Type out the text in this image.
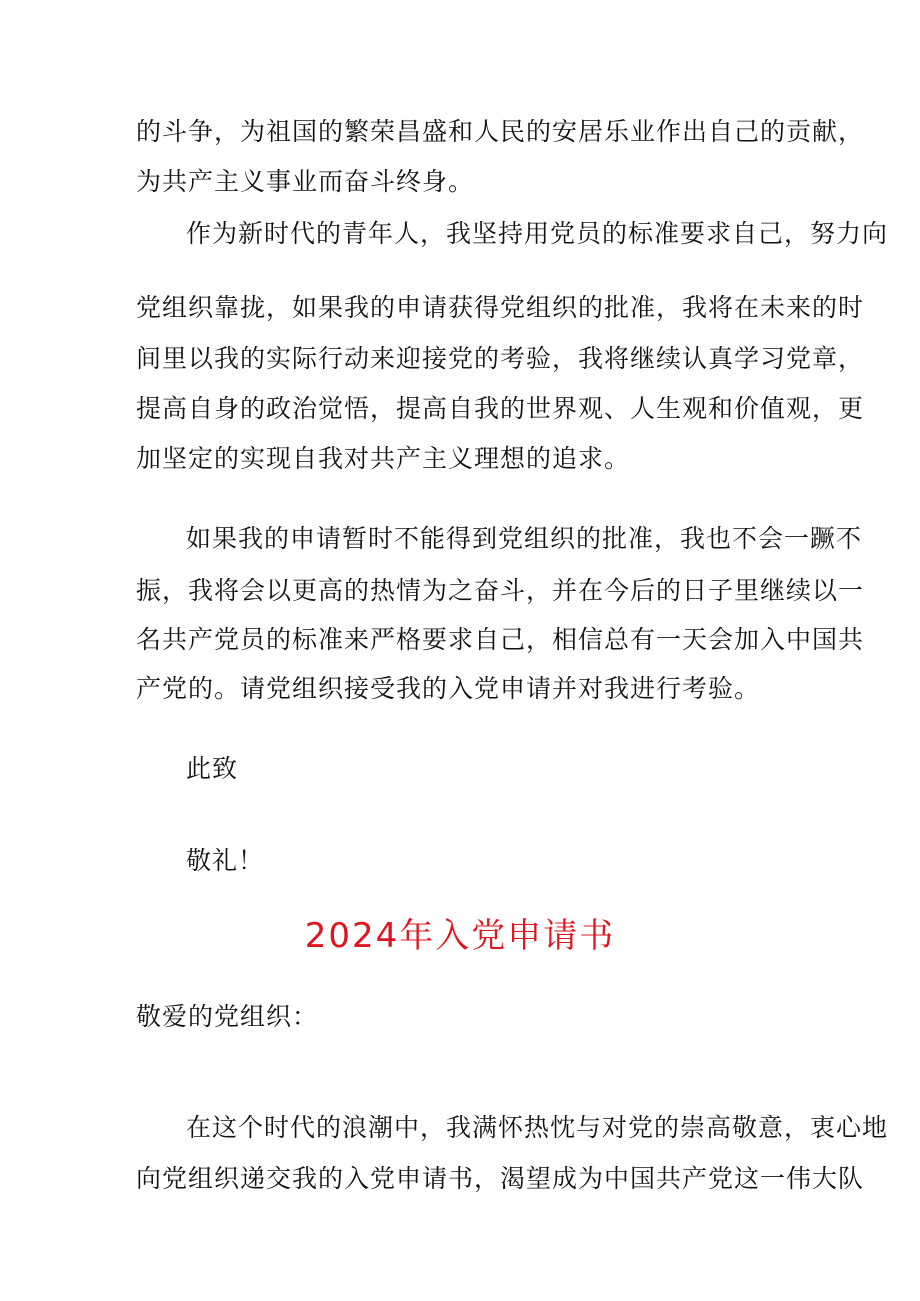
的斗争，为祖国的繁荣昌盛和人民的安居乐业作出自己的贡献，
为共产主义事业而奋斗终身。
作为新时代的青年人，我坚持用党员的标准要求自己，努力向
党组织靠拢，如果我的申请获得党组织的批准，我将在未来的时
间里以我的实际行动来迎接党的考验，我将继续认真学习党章，
提高自身的政治觉悟，提高自我的世界观、人生观和价值观，更
加坚定的实现自我对共产主义理想的追求。
如果我的申请暂时不能得到党组织的批准，我也不会一蹶不
振，我将会以更高的热情为之奋斗，并在今后的日子里继续以一
名共产党员的标准来严格要求自己，相信总有一天会加入中国共
产党的。请党组织接受我的入党申请并对我进行考验。
此致
敬礼！
2024年入党申请书
敬爱的党组织：
在这个时代的浪潮中，我满怀热忱与对党的崇高敬意，衷心地
向党组织递交我的入党申请书，渴望成为中国共产党这一伟大队
